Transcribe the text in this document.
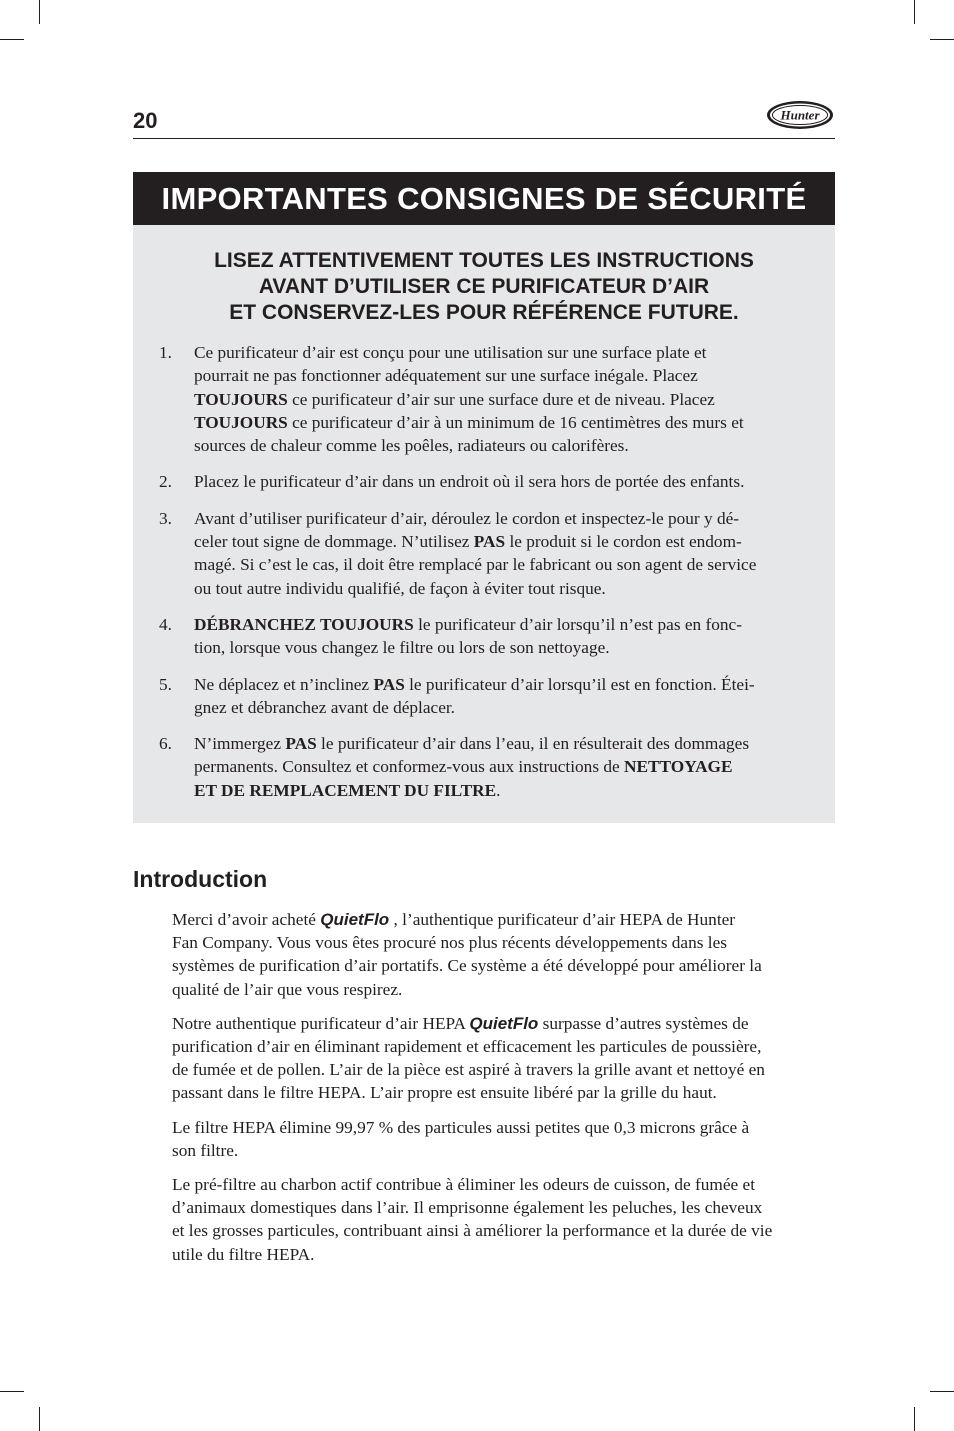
20	Hunter
IMPORTANTES CONSIGNES DE SÉCURITÉ
LISEZ ATTENTIVEMENT TOUTES LES INSTRUCTIONS
AVANT D’UTILISER CE PURIFICATEUR D’AIR
ET CONSERVEZ-LES POUR RÉFÉRENCE FUTURE.
1. Ce purificateur d’air est conçu pour une utilisation sur une surface plate et
pourrait ne pas fonctionner adéquatement sur une surface inégale. Placez
TOUJOURS ce purificateur d’air sur une surface dure et de niveau. Placez
TOUJOURS ce purificateur d’air à un minimum de 16 centimètres des murs et
sources de chaleur comme les poêles, radiateurs ou calorifères.
2. Placez le purificateur d’air dans un endroit où il sera hors de portée des enfants.
3. Avant d’utiliser purificateur d’air, déroulez le cordon et inspectez-le pour y dé-
celer tout signe de dommage. N’utilisez PAS le produit si le cordon est endom-
magé. Si c’est le cas, il doit être remplacé par le fabricant ou son agent de service
ou tout autre individu qualifié, de façon à éviter tout risque.
4. DÉBRANCHEZ TOUJOURS le purificateur d’air lorsqu’il n’est pas en fonc-
tion, lorsque vous changez le filtre ou lors de son nettoyage.
5. Ne déplacez et n’inclinez PAS le purificateur d’air lorsqu’il est en fonction. Étei-
gnez et débranchez avant de déplacer.
6. N’immergez PAS le purificateur d’air dans l’eau, il en résulterait des dommages
permanents. Consultez et conformez-vous aux instructions de NETTOYAGE
ET DE REMPLACEMENT DU FILTRE.
Introduction

Merci d’avoir acheté QuietFlo , l’authentique purificateur d’air HEPA de Hunter
Fan Company. Vous vous êtes procuré nos plus récents développements dans les
systèmes de purification d’air portatifs. Ce système a été développé pour améliorer la
qualité de l’air que vous respirez.

Notre authentique purificateur d’air HEPA QuietFlo surpasse d’autres systèmes de
purification d’air en éliminant rapidement et efficacement les particules de poussière,
de fumée et de pollen. L’air de la pièce est aspiré à travers la grille avant et nettoyé en
passant dans le filtre HEPA. L’air propre est ensuite libéré par la grille du haut.

Le filtre HEPA élimine 99,97 % des particules aussi petites que 0,3 microns grâce à
son filtre.

Le pré-filtre au charbon actif contribue à éliminer les odeurs de cuisson, de fumée et
d’animaux domestiques dans l’air. Il emprisonne également les peluches, les cheveux
et les grosses particules, contribuant ainsi à améliorer la performance et la durée de vie
utile du filtre HEPA.
